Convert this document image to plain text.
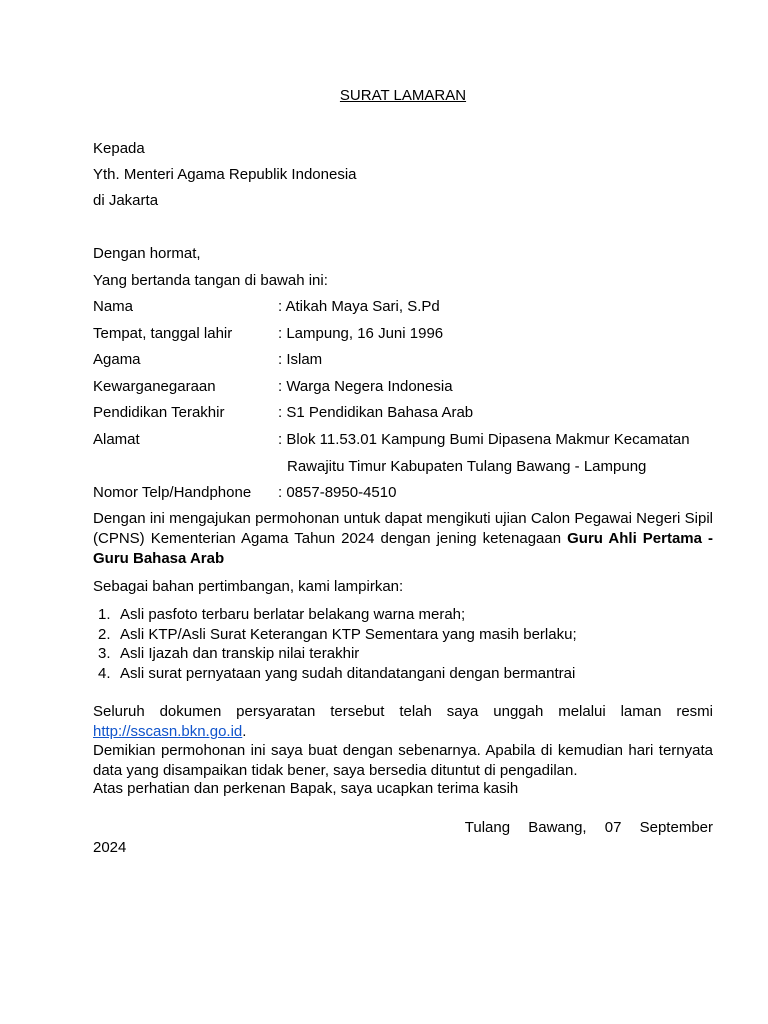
SURAT LAMARAN
Kepada
Yth. Menteri Agama Republik Indonesia
di Jakarta
Dengan hormat,
Yang bertanda tangan di bawah ini:
Nama	: Atikah Maya Sari, S.Pd
Tempat, tanggal lahir	: Lampung, 16 Juni 1996
Agama	: Islam
Kewarganegaraan	: Warga Negera Indonesia
Pendidikan Terakhir	: S1 Pendidikan Bahasa Arab
Alamat	: Blok 11.53.01 Kampung Bumi Dipasena Makmur Kecamatan
Rawajitu Timur Kabupaten Tulang Bawang - Lampung
Nomor Telp/Handphone : 0857-8950-4510
Dengan ini mengajukan permohonan untuk dapat mengikuti ujian Calon Pegawai Negeri Sipil (CPNS) Kementerian Agama Tahun 2024 dengan jening ketenagaan Guru Ahli Pertama - Guru Bahasa Arab
Sebagai bahan pertimbangan, kami lampirkan:
1. Asli pasfoto terbaru berlatar belakang warna merah;
2. Asli KTP/Asli Surat Keterangan KTP Sementara yang masih berlaku;
3. Asli Ijazah dan transkip nilai terakhir
4. Asli surat pernyataan yang sudah ditandatangani dengan bermantrai
Seluruh dokumen persyaratan tersebut telah saya unggah melalui laman resmi http://sscasn.bkn.go.id.
Demikian permohonan ini saya buat dengan sebenarnya. Apabila di kemudian hari ternyata data yang disampaikan tidak bener, saya bersedia dituntut di pengadilan.
Atas perhatian dan perkenan Bapak, saya ucapkan terima kasih
Tulang Bawang, 07 September
2024
